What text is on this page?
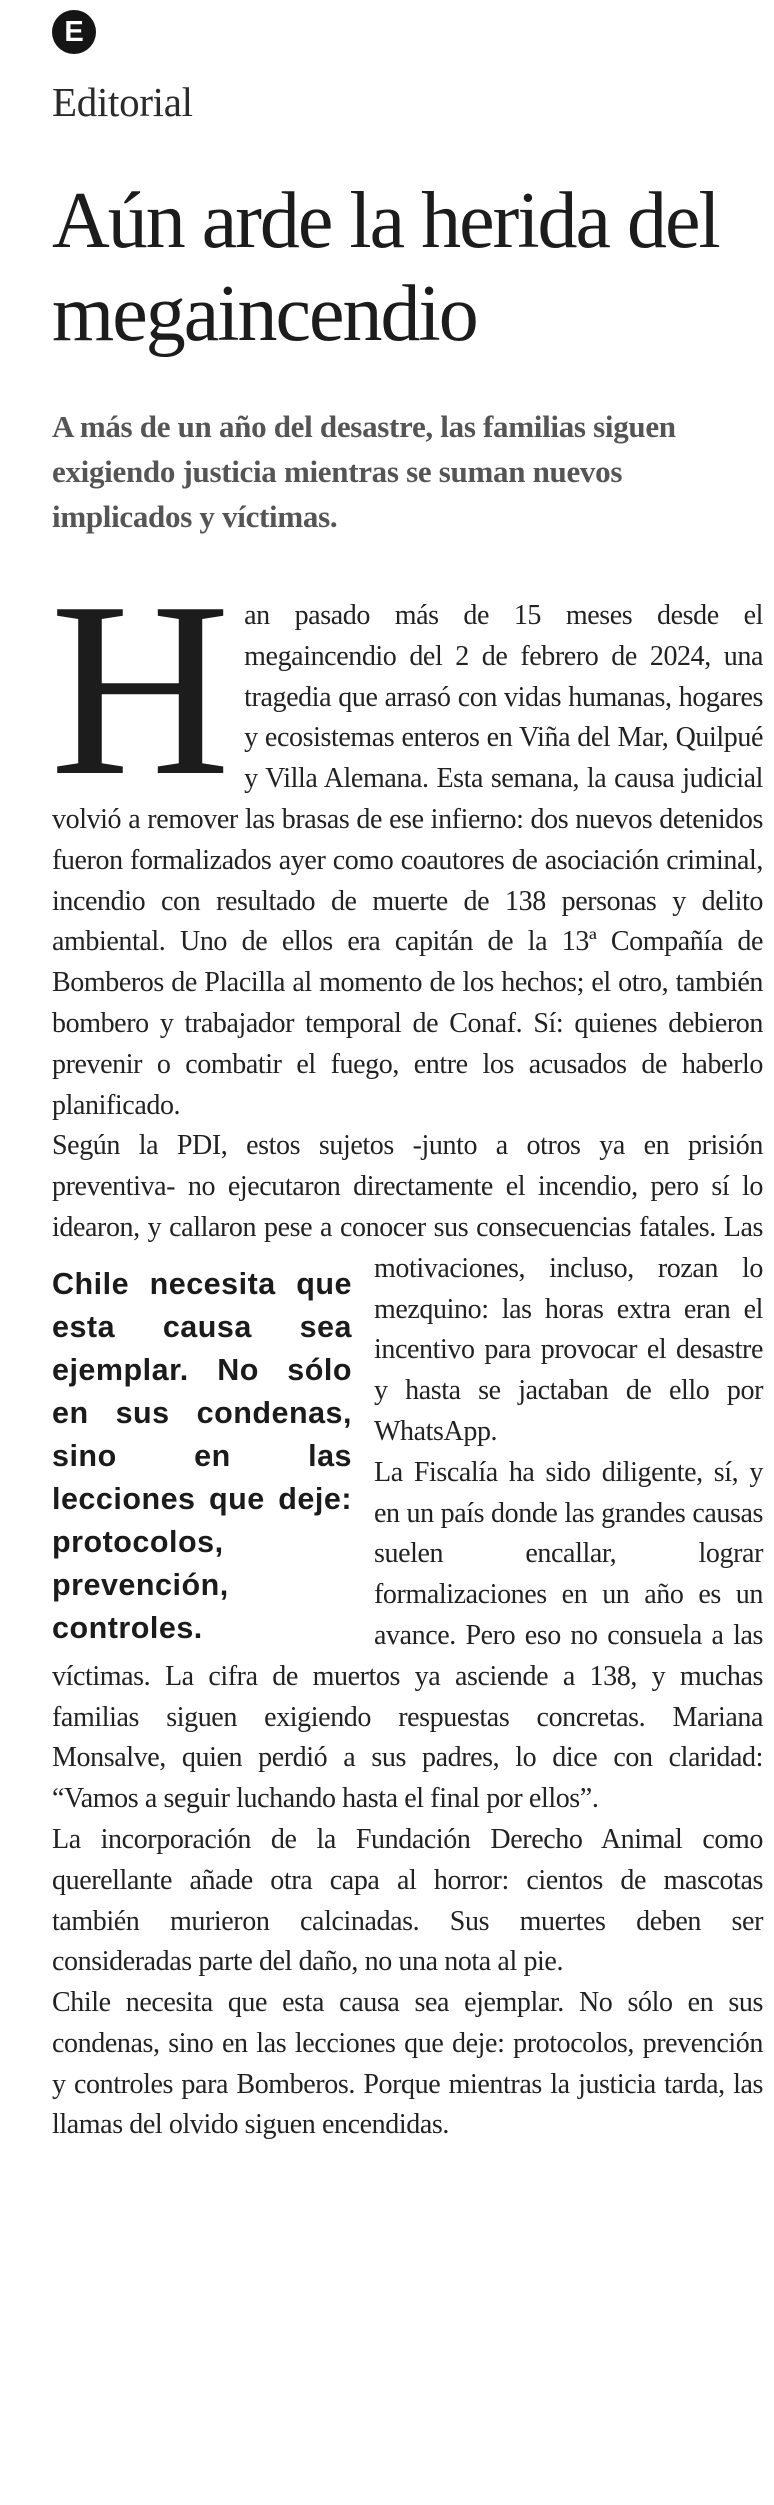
E
Editorial
Aún arde la herida del megaincendio

A más de un año del desastre, las familias siguen exigiendo justicia mientras se suman nuevos implicados y víctimas.

Han pasado más de 15 meses desde el megaincendio del 2 de febrero de 2024, una tragedia que arrasó con vidas humanas, hogares y ecosistemas enteros en Viña del Mar, Quilpué y Villa Alemana. Esta semana, la causa judicial volvió a remover las brasas de ese infierno: dos nuevos detenidos fueron formalizados ayer como coautores de asociación criminal, incendio con resultado de muerte de 138 personas y delito ambiental. Uno de ellos era capitán de la 13ª Compañía de Bomberos de Placilla al momento de los hechos; el otro, también bombero y trabajador temporal de Conaf. Sí: quienes debieron prevenir o combatir el fuego, entre los acusados de haberlo planificado.

Según la PDI, estos sujetos -junto a otros ya en prisión preventiva- no ejecutaron directamente el incendio, pero sí lo idearon, y callaron pese a conocer sus consecuencias fatales. Las motivaciones, inclu
Chile necesita que esta causa sea ejemplar. No sólo en sus condenas, sino en las lecciones que deje: protocolos, prevención, controles.
so, rozan lo mezquino: las horas extra eran el incentivo para provocar el desastre y hasta se jactaban de ello por WhatsApp.

La Fiscalía ha sido diligente, sí, y en un país donde las grandes causas suelen encallar, lograr formalizaciones en un año es un avance. Pero eso no consuela a las víctimas. La cifra de muertos ya asciende a 138, y muchas familias siguen exigiendo respuestas concretas. Mariana Monsalve, quien perdió a sus padres, lo dice con claridad: “Vamos a seguir luchando hasta el final por ellos”.

La incorporación de la Fundación Derecho Animal como querellante añade otra capa al horror: cientos de mascotas también murieron calcinadas. Sus muertes deben ser consideradas parte del daño, no una nota al pie.

Chile necesita que esta causa sea ejemplar. No sólo en sus condenas, sino en las lecciones que deje: protocolos, prevención y controles para Bomberos. Porque mientras la justicia tarda, las llamas del olvido siguen encendidas.
